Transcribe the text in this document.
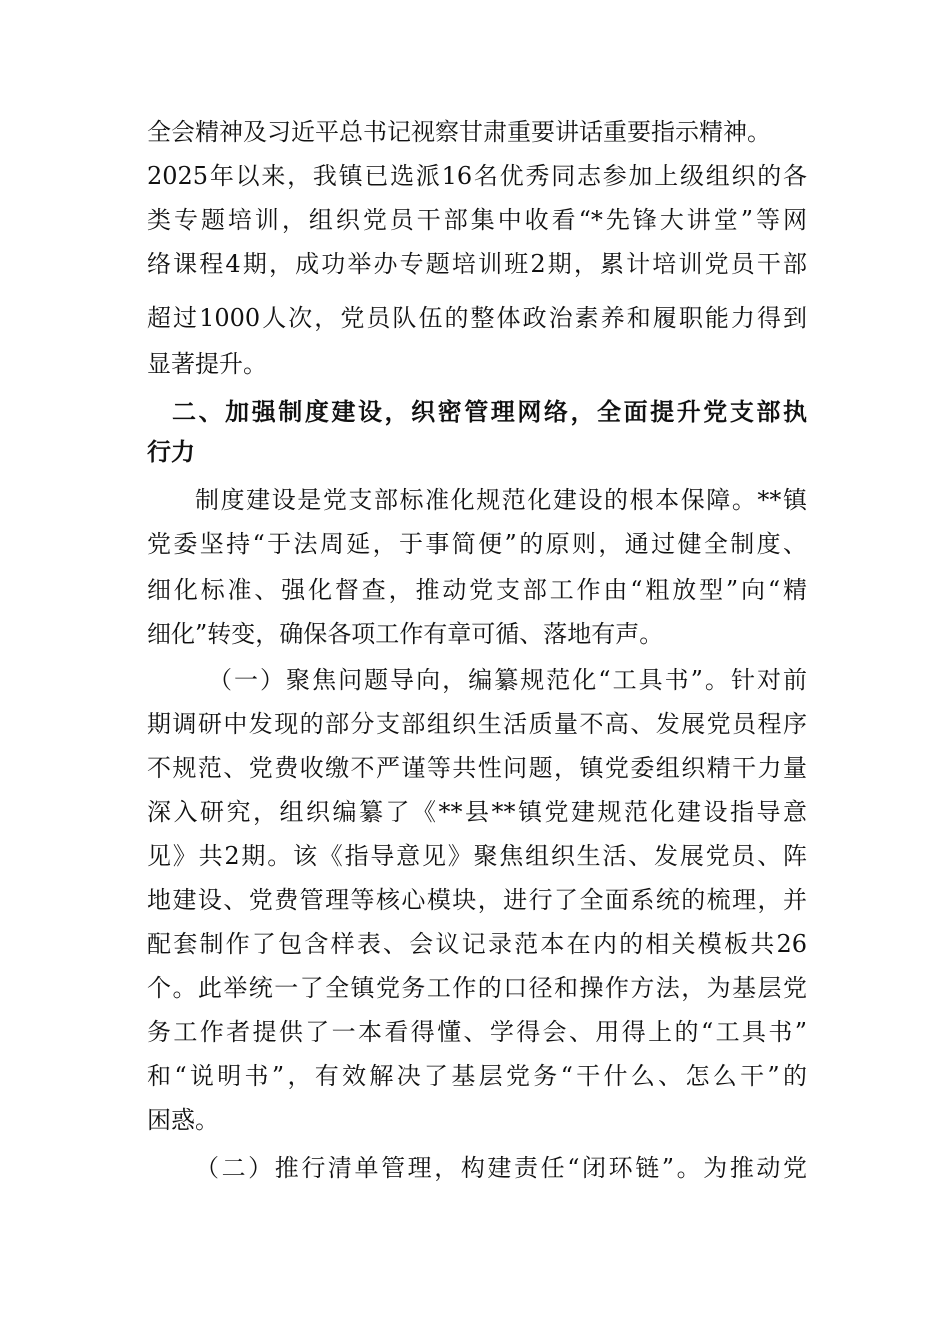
全会精神及习近平总书记视察甘肃重要讲话重要指示精神。
2025年以来，我镇已选派16名优秀同志参加上级组织的各
类专题培训，组织党员干部集中收看“*先锋大讲堂”等网
络课程4期，成功举办专题培训班2期，累计培训党员干部
超过1000人次，党员队伍的整体政治素养和履职能力得到
显著提升。
二、加强制度建设，织密管理网络，全面提升党支部执
行力
制度建设是党支部标准化规范化建设的根本保障。**镇
党委坚持“于法周延，于事简便”的原则，通过健全制度、
细化标准、强化督查，推动党支部工作由“粗放型”向“精
细化”转变，确保各项工作有章可循、落地有声。
（一）聚焦问题导向，编纂规范化“工具书”。针对前
期调研中发现的部分支部组织生活质量不高、发展党员程序
不规范、党费收缴不严谨等共性问题，镇党委组织精干力量
深入研究，组织编纂了《**县**镇党建规范化建设指导意
见》共2期。该《指导意见》聚焦组织生活、发展党员、阵
地建设、党费管理等核心模块，进行了全面系统的梳理，并
配套制作了包含样表、会议记录范本在内的相关模板共26
个。此举统一了全镇党务工作的口径和操作方法，为基层党
务工作者提供了一本看得懂、学得会、用得上的“工具书”
和“说明书”，有效解决了基层党务“干什么、怎么干”的
困惑。
（二）推行清单管理，构建责任“闭环链”。为推动党
